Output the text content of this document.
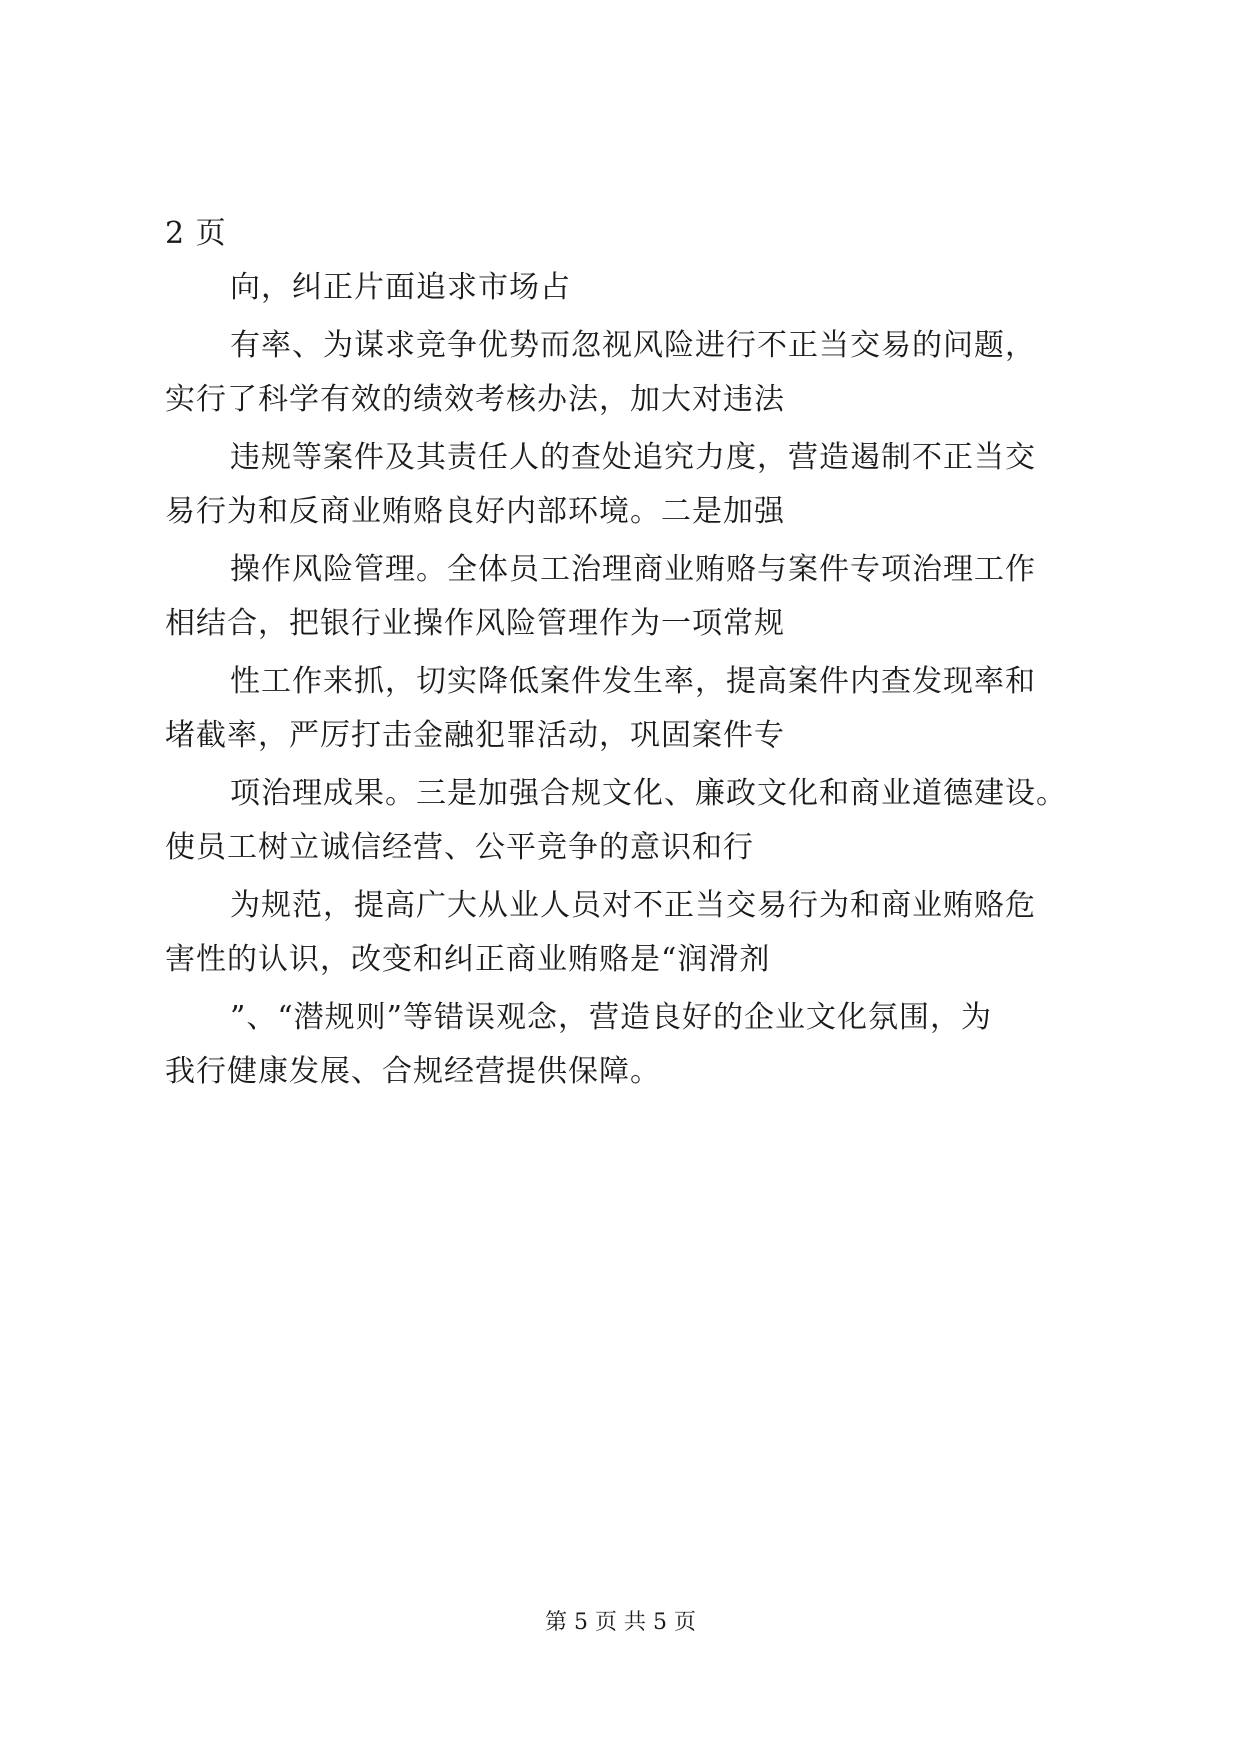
2 页
向，纠正片面追求市场占
有率、为谋求竞争优势而忽视风险进行不正当交易的问题，
实行了科学有效的绩效考核办法，加大对违法
违规等案件及其责任人的查处追究力度，营造遏制不正当交
易行为和反商业贿赂良好内部环境。二是加强
操作风险管理。全体员工治理商业贿赂与案件专项治理工作
相结合，把银行业操作风险管理作为一项常规
性工作来抓，切实降低案件发生率，提高案件内查发现率和
堵截率，严厉打击金融犯罪活动，巩固案件专
项治理成果。三是加强合规文化、廉政文化和商业道德建设。
使员工树立诚信经营、公平竞争的意识和行
为规范，提高广大从业人员对不正当交易行为和商业贿赂危
害性的认识，改变和纠正商业贿赂是“润滑剂
”、“潜规则”等错误观念，营造良好的企业文化氛围，为
我行健康发展、合规经营提供保障。
第 5 页 共 5 页
